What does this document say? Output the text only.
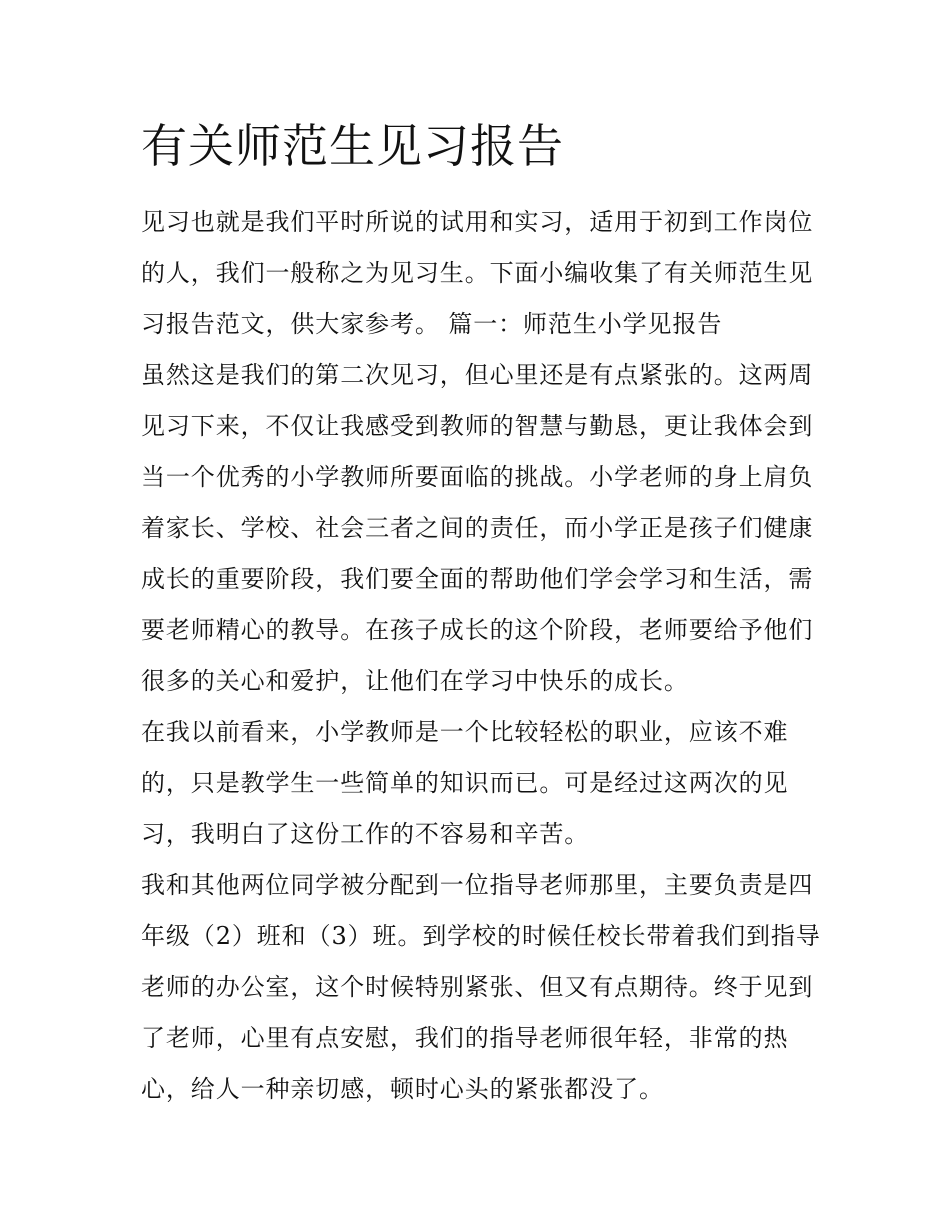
有关师范生见习报告

见习也就是我们平时所说的试用和实习，适用于初到工作岗位

的人，我们一般称之为见习生。下面小编收集了有关师范生见

习报告范文，供大家参考。 篇一：师范生小学见报告

虽然这是我们的第二次见习，但心里还是有点紧张的。这两周

见习下来，不仅让我感受到教师的智慧与勤恳，更让我体会到

当一个优秀的小学教师所要面临的挑战。小学老师的身上肩负

着家长、学校、社会三者之间的责任，而小学正是孩子们健康

成长的重要阶段，我们要全面的帮助他们学会学习和生活，需

要老师精心的教导。在孩子成长的这个阶段，老师要给予他们

很多的关心和爱护，让他们在学习中快乐的成长。

在我以前看来，小学教师是一个比较轻松的职业，应该不难

的，只是教学生一些简单的知识而已。可是经过这两次的见

习，我明白了这份工作的不容易和辛苦。

我和其他两位同学被分配到一位指导老师那里，主要负责是四

年级（2）班和（3）班。到学校的时候任校长带着我们到指导

老师的办公室，这个时候特别紧张、但又有点期待。终于见到

了老师，心里有点安慰，我们的指导老师很年轻，非常的热

心，给人一种亲切感，顿时心头的紧张都没了。
